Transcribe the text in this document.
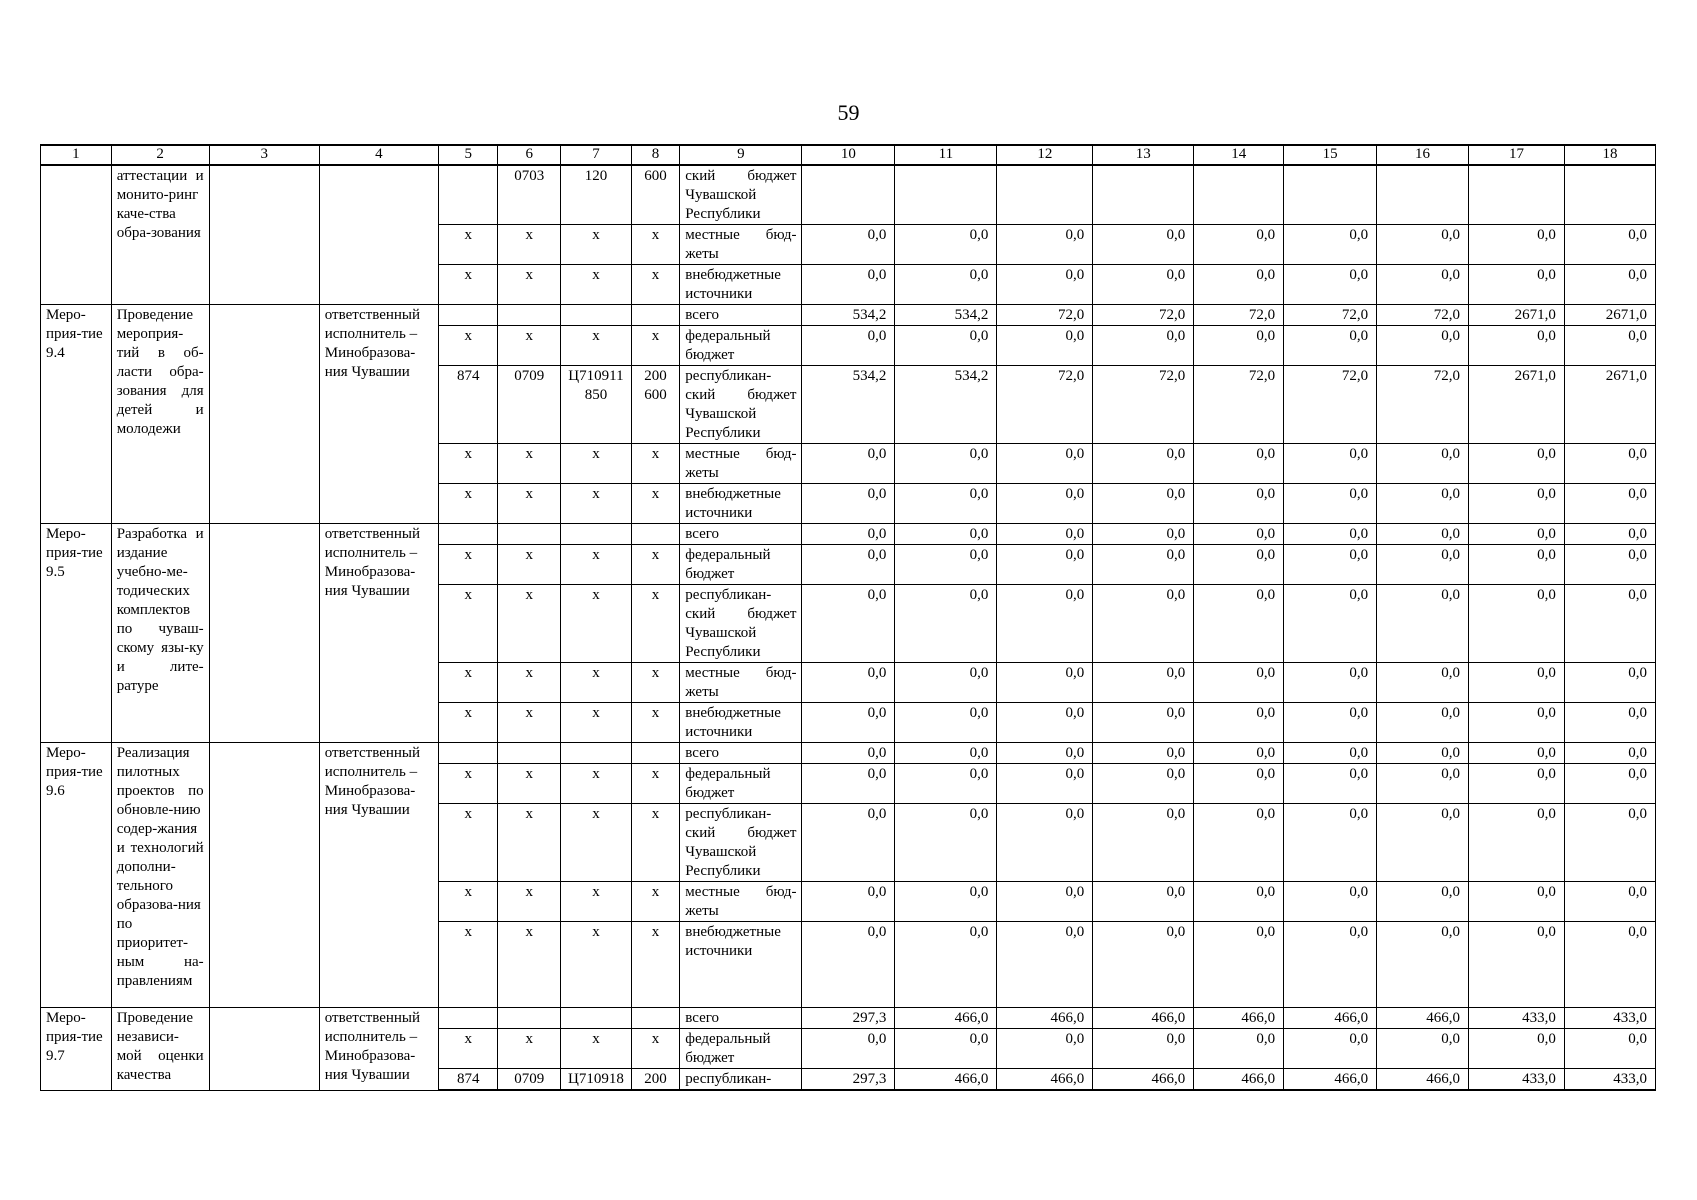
59
1	2	3	4	5	6	7	8	9	10	11	12	13	14	15	16	17	18
	аттестации и монито-ринг каче-ства обра-зования				0703	120	600	ский бюджет Чувашской Республики									
				x	x	x	x	местные бюд-жеты	0,0	0,0	0,0	0,0	0,0	0,0	0,0	0,0	0,0
				x	x	x	x	внебюджетные источники	0,0	0,0	0,0	0,0	0,0	0,0	0,0	0,0	0,0
Меро-прия-тие 9.4	Проведение мероприя-тий в об-ласти обра-зования для детей и молодежи		ответственный исполнитель – Минобразова-ния Чувашии					всего	534,2	534,2	72,0	72,0	72,0	72,0	72,0	2671,0	2671,0
				x	x	x	x	федеральный бюджет	0,0	0,0	0,0	0,0	0,0	0,0	0,0	0,0	0,0
				874	0709	Ц710911 850	200 600	республикан-ский бюджет Чувашской Республики	534,2	534,2	72,0	72,0	72,0	72,0	72,0	2671,0	2671,0
				x	x	x	x	местные бюд-жеты	0,0	0,0	0,0	0,0	0,0	0,0	0,0	0,0	0,0
				x	x	x	x	внебюджетные источники	0,0	0,0	0,0	0,0	0,0	0,0	0,0	0,0	0,0
Меро-прия-тие 9.5	Разработка и издание учебно-ме-тодических комплектов по чуваш-скому язы-ку и лите-ратуре		ответственный исполнитель – Минобразова-ния Чувашии					всего	0,0	0,0	0,0	0,0	0,0	0,0	0,0	0,0	0,0
				x	x	x	x	федеральный бюджет	0,0	0,0	0,0	0,0	0,0	0,0	0,0	0,0	0,0
				x	x	x	x	республикан-ский бюджет Чувашской Республики	0,0	0,0	0,0	0,0	0,0	0,0	0,0	0,0	0,0
				x	x	x	x	местные бюд-жеты	0,0	0,0	0,0	0,0	0,0	0,0	0,0	0,0	0,0
				x	x	x	x	внебюджетные источники	0,0	0,0	0,0	0,0	0,0	0,0	0,0	0,0	0,0
Меро-прия-тие 9.6	Реализация пилотных проектов по обновле-нию содер-жания и технологий дополни-тельного образова-ния по приоритет-ным на-правлениям		ответственный исполнитель – Минобразова-ния Чувашии					всего	0,0	0,0	0,0	0,0	0,0	0,0	0,0	0,0	0,0
				x	x	x	x	федеральный бюджет	0,0	0,0	0,0	0,0	0,0	0,0	0,0	0,0	0,0
				x	x	x	x	республикан-ский бюджет Чувашской Республики	0,0	0,0	0,0	0,0	0,0	0,0	0,0	0,0	0,0
				x	x	x	x	местные бюд-жеты	0,0	0,0	0,0	0,0	0,0	0,0	0,0	0,0	0,0
				x	x	x	x	внебюджетные источники	0,0	0,0	0,0	0,0	0,0	0,0	0,0	0,0	0,0
Меро-прия-тие 9.7	Проведение независи-мой оценки качества		ответственный исполнитель – Минобразова-ния Чувашии					всего	297,3	466,0	466,0	466,0	466,0	466,0	466,0	433,0	433,0
				x	x	x	x	федеральный бюджет	0,0	0,0	0,0	0,0	0,0	0,0	0,0	0,0	0,0
				874	0709	Ц710918	200	республикан-	297,3	466,0	466,0	466,0	466,0	466,0	466,0	433,0	433,0
